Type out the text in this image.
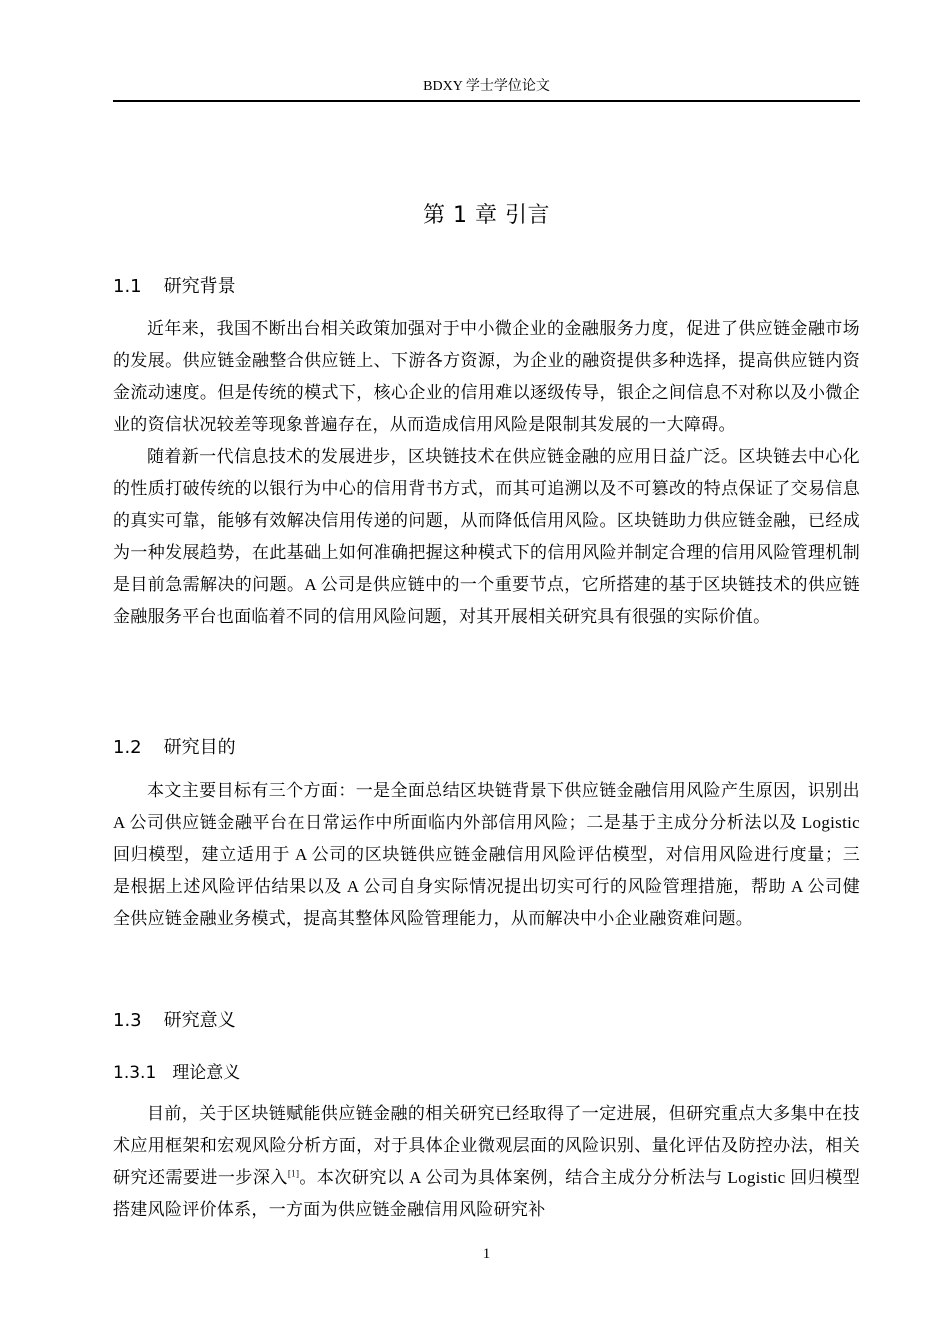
BDXY 学士学位论文
第 1 章 引言
1.1 研究背景

近年来，我国不断出台相关政策加强对于中小微企业的金融服务力度，促进了供应链金融市场的发展。供应链金融整合供应链上、下游各方资源，为企业的融资提供多种选择，提高供应链内资金流动速度。但是传统的模式下，核心企业的信用难以逐级传导，银企之间信息不对称以及小微企业的资信状况较差等现象普遍存在，从而造成信用风险是限制其发展的一大障碍。

随着新一代信息技术的发展进步，区块链技术在供应链金融的应用日益广泛。区块链去中心化的性质打破传统的以银行为中心的信用背书方式，而其可追溯以及不可篡改的特点保证了交易信息的真实可靠，能够有效解决信用传递的问题，从而降低信用风险。区块链助力供应链金融，已经成为一种发展趋势，在此基础上如何准确把握这种模式下的信用风险并制定合理的信用风险管理机制是目前急需解决的问题。A 公司是供应链中的一个重要节点，它所搭建的基于区块链技术的供应链金融服务平台也面临着不同的信用风险问题，对其开展相关研究具有很强的实际价值。

1.2 研究目的

本文主要目标有三个方面：一是全面总结区块链背景下供应链金融信用风险产生原因，识别出 A 公司供应链金融平台在日常运作中所面临内外部信用风险；二是基于主成分分析法以及 Logistic 回归模型，建立适用于 A 公司的区块链供应链金融信用风险评估模型，对信用风险进行度量；三是根据上述风险评估结果以及 A 公司自身实际情况提出切实可行的风险管理措施，帮助 A 公司健全供应链金融业务模式，提高其整体风险管理能力，从而解决中小企业融资难问题。

1.3 研究意义
1.3.1 理论意义

目前，关于区块链赋能供应链金融的相关研究已经取得了一定进展，但研究重点大多集中在技术应用框架和宏观风险分析方面，对于具体企业微观层面的风险识别、量化评估及防控办法，相关研究还需要进一步深入[1]。本次研究以 A 公司为具体案例，结合主成分分析法与 Logistic 回归模型搭建风险评价体系，一方面为供应链金融信用风险研究补

1
